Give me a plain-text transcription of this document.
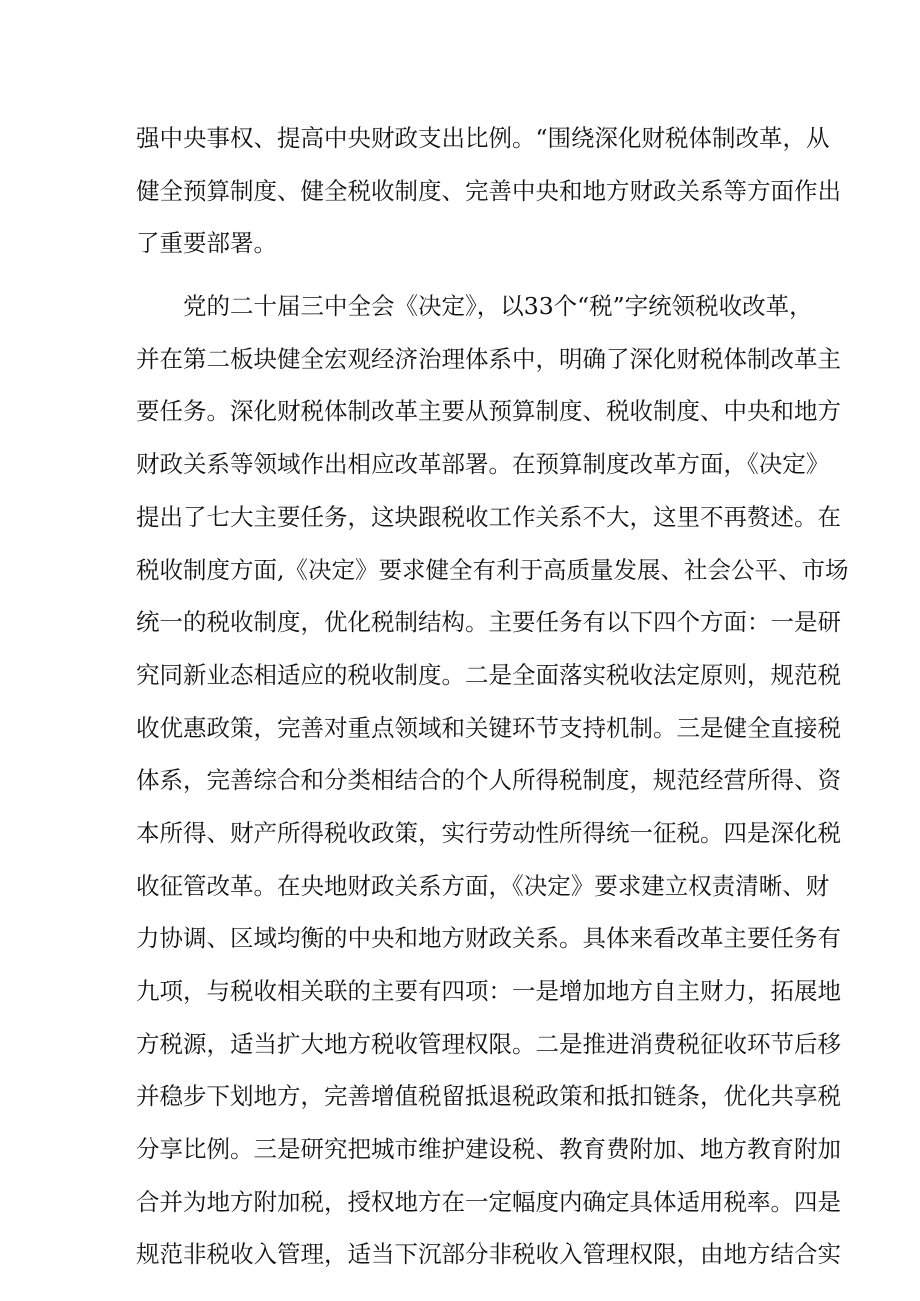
强中央事权、提高中央财政支出比例。“围绕深化财税体制改革，从
健全预算制度、健全税收制度、完善中央和地方财政关系等方面作出
了重要部署。
党的二十届三中全会《决定》，以33个“税”字统领税收改革，
并在第二板块健全宏观经济治理体系中，明确了深化财税体制改革主
要任务。深化财税体制改革主要从预算制度、税收制度、中央和地方
财政关系等领域作出相应改革部署。在预算制度改革方面，《决定》
提出了七大主要任务，这块跟税收工作关系不大，这里不再赘述。在
税收制度方面,《决定》要求健全有利于高质量发展、社会公平、市场
统一的税收制度，优化税制结构。主要任务有以下四个方面：一是研
究同新业态相适应的税收制度。二是全面落实税收法定原则，规范税
收优惠政策，完善对重点领域和关键环节支持机制。三是健全直接税
体系，完善综合和分类相结合的个人所得税制度，规范经营所得、资
本所得、财产所得税收政策，实行劳动性所得统一征税。四是深化税
收征管改革。在央地财政关系方面，《决定》要求建立权责清晰、财
力协调、区域均衡的中央和地方财政关系。具体来看改革主要任务有
九项，与税收相关联的主要有四项：一是增加地方自主财力，拓展地
方税源，适当扩大地方税收管理权限。二是推进消费税征收环节后移
并稳步下划地方，完善增值税留抵退税政策和抵扣链条，优化共享税
分享比例。三是研究把城市维护建设税、教育费附加、地方教育附加
合并为地方附加税，授权地方在一定幅度内确定具体适用税率。四是
规范非税收入管理，适当下沉部分非税收入管理权限，由地方结合实
